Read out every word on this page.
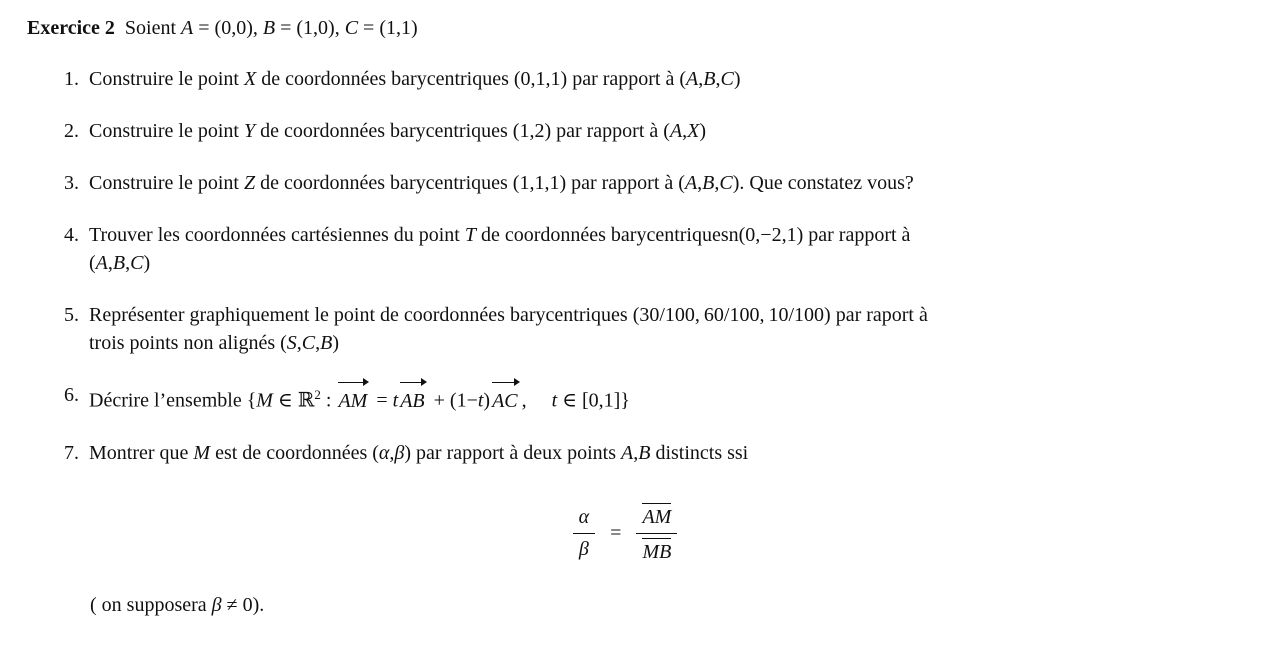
Exercice 2 Soient A = (0,0), B = (1,0), C = (1,1)
1. Construire le point X de coordonnées barycentriques (0,1,1) par rapport à (A,B,C)
2. Construire le point Y de coordonnées barycentriques (1,2) par rapport à (A,X)
3. Construire le point Z de coordonnées barycentriques (1,1,1) par rapport à (A,B,C). Que constatez vous?
4. Trouver les coordonnées cartésiennes du point T de coordonnées barycentriquesn(0,−2,1) par rapport à
(A,B,C)
5. Représenter graphiquement le point de coordonnées barycentriques (30/100, 60/100, 10/100) par raport à
trois points non alignés (S,C,B)
6. Décrire l’ensemble {M ∈ ℝ$^2$ : AM = t AB + (1−t) AC ,  t ∈ [0,1]}
7. Montrer que M est de coordonnées (α,β) par rapport à deux points A,B distincts ssi
$\frac{\alpha}{\beta} = \frac{AM}{MB}$
( on supposera β ≠ 0).
